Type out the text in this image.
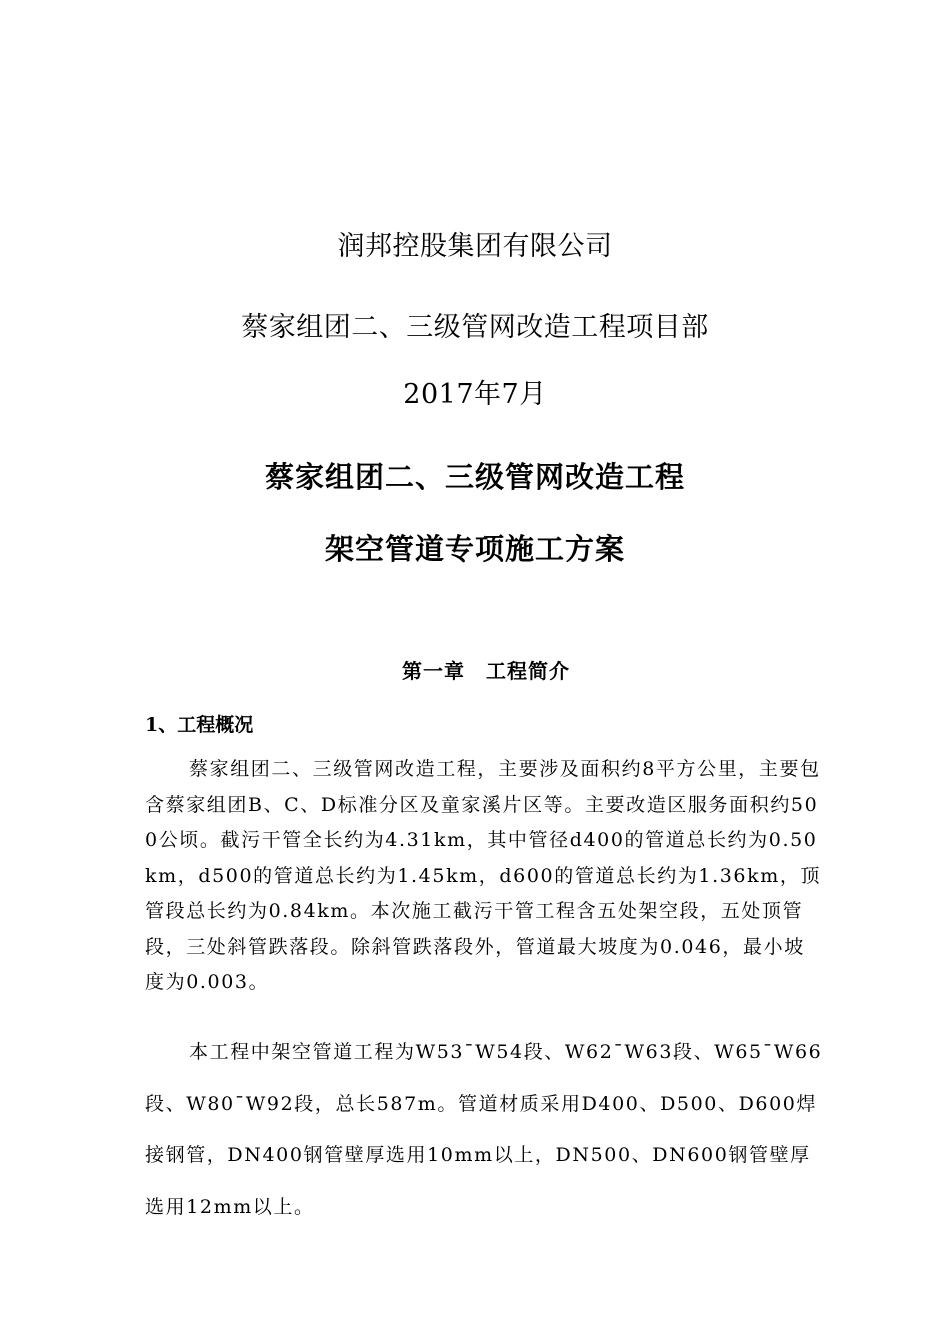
润邦控股集团有限公司
蔡家组团二、三级管网改造工程项目部
2017年7月
蔡家组团二、三级管网改造工程
架空管道专项施工方案
第一章　工程简介
1、工程概况

蔡家组团二、三级管网改造工程，主要涉及面积约8平方公里，主要包含蔡家组团B、C、D标准分区及童家溪片区等。主要改造区服务面积约500公顷。截污干管全长约为4.31km，其中管径d400的管道总长约为0.50km，d500的管道总长约为1.45km，d600的管道总长约为1.36km，顶管段总长约为0.84km。本次施工截污干管工程含五处架空段，五处顶管段，三处斜管跌落段。除斜管跌落段外，管道最大坡度为0.046，最小坡度为0.003。

本工程中架空管道工程为W53¯W54段、W62¯W63段、W65¯W66段、W80¯W92段，总长587m。管道材质采用D400、D500、D600焊接钢管，DN400钢管壁厚选用10mm以上，DN500、DN600钢管壁厚选用12mm以上。
